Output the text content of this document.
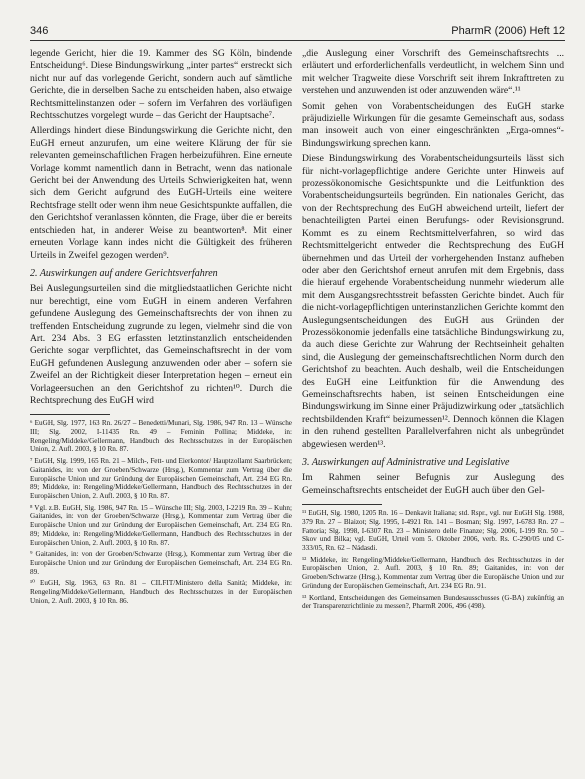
346	PharmR (2006) Heft 12

legende Gericht, hier die 19. Kammer des SG Köln, bindende Entscheidung⁶. Diese Bindungswirkung „inter partes“ erstreckt sich nicht nur auf das vorlegende Gericht, sondern auch auf sämtliche Gerichte, die in derselben Sache zu entscheiden haben, also etwaige Rechtsmittelinstanzen oder – sofern im Verfahren des vorläufigen Rechtsschutzes vorgelegt wurde – das Gericht der Hauptsache⁷.

Allerdings hindert diese Bindungswirkung die Gerichte nicht, den EuGH erneut anzurufen, um eine weitere Klärung der für sie relevanten gemeinschaftlichen Fragen herbeizuführen. Eine erneute Vorlage kommt namentlich dann in Betracht, wenn das nationale Gericht bei der Anwendung des Urteils Schwierigkeiten hat, wenn sich dem Gericht aufgrund des EuGH-Urteils eine weitere Rechtsfrage stellt oder wenn ihm neue Gesichtspunkte auffallen, die den Gerichtshof veranlassen könnten, die Frage, über die er bereits entschieden hat, in anderer Weise zu beantworten⁸. Mit einer erneuten Vorlage kann indes nicht die Gültigkeit des früheren Urteils in Zweifel gezogen werden⁹.

2. Auswirkungen auf andere Gerichtsverfahren

Bei Auslegungsurteilen sind die mitgliedstaatlichen Gerichte nicht nur berechtigt, eine vom EuGH in einem anderen Verfahren gefundene Auslegung des Gemeinschaftsrechts der von ihnen zu treffenden Entscheidung zugrunde zu legen, vielmehr sind die von Art. 234 Abs. 3 EG erfassten letztinstanzlich entscheidenden Gerichte sogar verpflichtet, das Gemeinschaftsrecht in der vom EuGH gefundenen Auslegung anzuwenden oder aber – sofern sie Zweifel an der Richtigkeit dieser Interpretation hegen – erneut ein Vorlageersuchen an den Gerichtshof zu richten¹⁰. Durch die Rechtsprechung des EuGH wird

⁶ EuGH, Slg. 1977, 163 Rn. 26/27 – Benedetti/Munari, Slg. 1986, 947 Rn. 13 – Wünsche III; Slg. 2002, I-11435 Rn. 49 – Feminin Pollina; Middeke, in: Rengeling/Middeke/Gellermann, Handbuch des Rechtsschutzes in der Europäischen Union, 2. Aufl. 2003, § 10 Rn. 87.

⁷ EuGH, Slg. 1999, 165 Rn. 21 – Milch-, Fett- und Eierkontor/ Hauptzollamt Saarbrücken; Gaitanides, in: von der Groeben/Schwarze (Hrsg.), Kommentar zum Vertrag über die Europäische Union und zur Gründung der Europäischen Gemeinschaft, Art. 234 EG Rn. 89; Middeke, in: Rengeling/Middeke/Gellermann, Handbuch des Rechtsschutzes in der Europäischen Union, 2. Aufl. 2003, § 10 Rn. 87.

⁸ Vgl. z.B. EuGH, Slg. 1986, 947 Rn. 15 – Wünsche III; Slg. 2003, I-2219 Rn. 39 – Kuhn; Gaitanides, in: von der Groeben/Schwarze (Hrsg.), Kommentar zum Vertrag über die Europäische Union und zur Gründung der Europäischen Gemeinschaft, Art. 234 EG Rn. 89; Middeke, in: Rengeling/Middeke/Gellermann, Handbuch des Rechtsschutzes in der Europäischen Union, 2. Aufl. 2003, § 10 Rn. 87.

⁹ Gaitanides, in: von der Groeben/Schwarze (Hrsg.), Kommentar zum Vertrag über die Europäische Union und zur Gründung der Europäischen Gemeinschaft, Art. 234 EG Rn. 89.

¹⁰ EuGH, Slg. 1963, 63 Rn. 81 – CILFIT/Ministero della Sanità; Middeke, in: Rengeling/Middeke/Gellermann, Handbuch des Rechtsschutzes in der Europäischen Union, 2. Aufl. 2003, § 10 Rn. 86.

„die Auslegung einer Vorschrift des Gemeinschaftsrechts ... erläutert und erforderlichenfalls verdeutlicht, in welchem Sinn und mit welcher Tragweite diese Vorschrift seit ihrem Inkrafttreten zu verstehen und anzuwenden ist oder anzuwenden wäre“.¹¹

Somit gehen von Vorabentscheidungen des EuGH starke präjudizielle Wirkungen für die gesamte Gemeinschaft aus, sodass man insoweit auch von einer eingeschränkten „Erga-omnes“-Bindungswirkung sprechen kann.

Diese Bindungswirkung des Vorabentscheidungsurteils lässt sich für nicht-vorlagepflichtige andere Gerichte unter Hinweis auf prozessökonomische Gesichtspunkte und die Leitfunktion des Vorabentscheidungsurteils begründen. Ein nationales Gericht, das von der Rechtsprechung des EuGH abweichend urteilt, liefert der benachteiligten Partei einen Berufungs- oder Revisionsgrund. Kommt es zu einem Rechtsmittelverfahren, so wird das Rechtsmittelgericht entweder die Rechtsprechung des EuGH übernehmen und das Urteil der vorhergehenden Instanz aufheben oder aber den Gerichtshof erneut anrufen mit dem Ergebnis, dass die hierauf ergehende Vorabentscheidung nunmehr wiederum alle mit dem Ausgangsrechtsstreit befassten Gerichte bindet. Auch für die nicht-vorlagepflichtigen unterinstanzlichen Gerichte kommt den Auslegungsentscheidungen des EuGH aus Gründen der Prozessökonomie jedenfalls eine tatsächliche Bindungswirkung zu, da auch diese Gerichte zur Wahrung der Rechtseinheit gehalten sind, die Auslegung der gemeinschaftsrechtlichen Norm durch den Gerichtshof zu beachten. Auch deshalb, weil die Entscheidungen des EuGH eine Leitfunktion für die Anwendung des Gemeinschaftsrechts haben, ist seinen Entscheidungen eine Bindungswirkung im Sinne einer Präjudizwirkung oder „tatsächlich rechtsbildenden Kraft“ beizumessen¹². Dennoch können die Klagen in den ruhend gestellten Parallelverfahren nicht als unbegründet abgewiesen werden¹³.

3. Auswirkungen auf Administrative und Legislative

Im Rahmen seiner Befugnis zur Auslegung des Gemeinschaftsrechts entscheidet der EuGH auch über den Gel-

¹¹ EuGH, Slg. 1980, 1205 Rn. 16 – Denkavit Italiana; std. Rspr., vgl. nur EuGH Slg. 1988, 379 Rn. 27 – Blaizot; Slg. 1995, I-4921 Rn. 141 – Bosman; Slg. 1997, I-6783 Rn. 27 – Fattoria; Slg. 1998, I-6307 Rn. 23 – Ministero delle Finanze; Slg. 2006, I-199 Rn. 50 – Skov und Bilka; vgl. EuGH, Urteil vom 5. Oktober 2006, verb. Rs. C-290/05 und C-333/05, Rn. 62 – Nádasdi.

¹² Middeke, in: Rengeling/Middeke/Gellermann, Handbuch des Rechtsschutzes in der Europäischen Union, 2. Aufl. 2003, § 10 Rn. 89; Gaitanides, in: von der Groeben/Schwarze (Hrsg.), Kommentar zum Vertrag über die Europäische Union und zur Gründung der Europäischen Gemeinschaft, Art. 234 EG Rn. 91.

¹³ Kortland, Entscheidungen des Gemeinsamen Bundesausschusses (G-BA) zukünftig an der Transparenzrichtlinie zu messen?, PharmR 2006, 496 (498).
